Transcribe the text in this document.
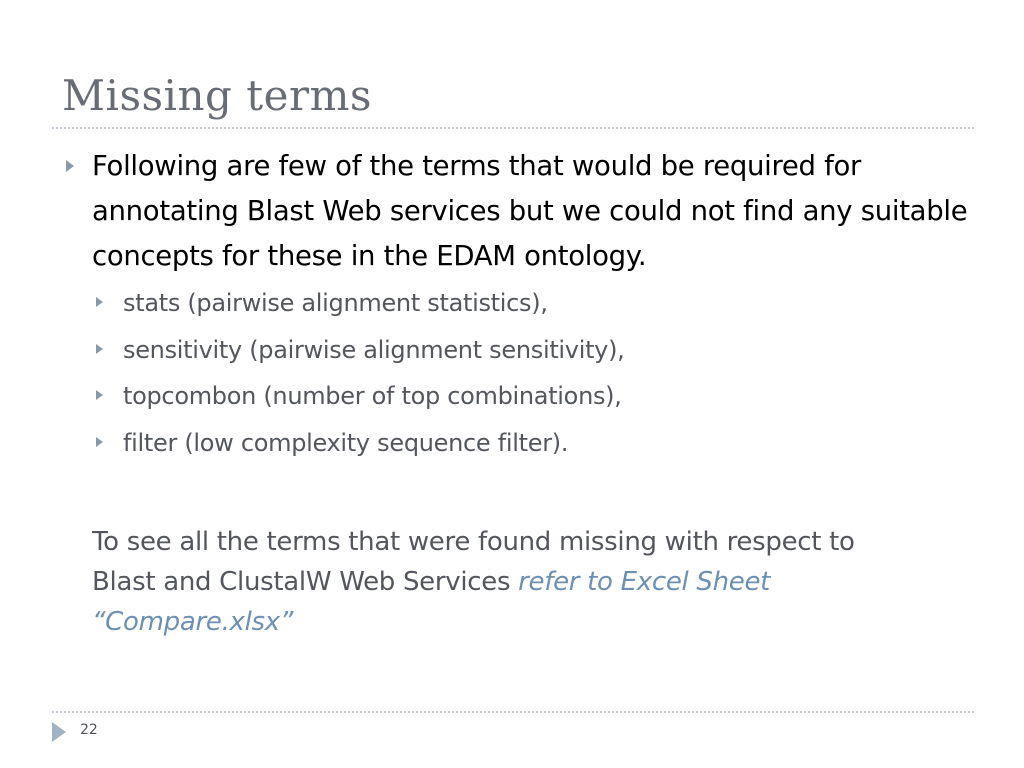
Missing terms
Following are few of the terms that would be required for annotating Blast Web services but we could not find any suitable concepts for these in the EDAM ontology.
stats (pairwise alignment statistics),
sensitivity (pairwise alignment sensitivity),
topcombon (number of top combinations),
filter (low complexity sequence filter).
To see all the terms that were found missing with respect to Blast and ClustalW Web Services refer to Excel Sheet “Compare.xlsx”
22
